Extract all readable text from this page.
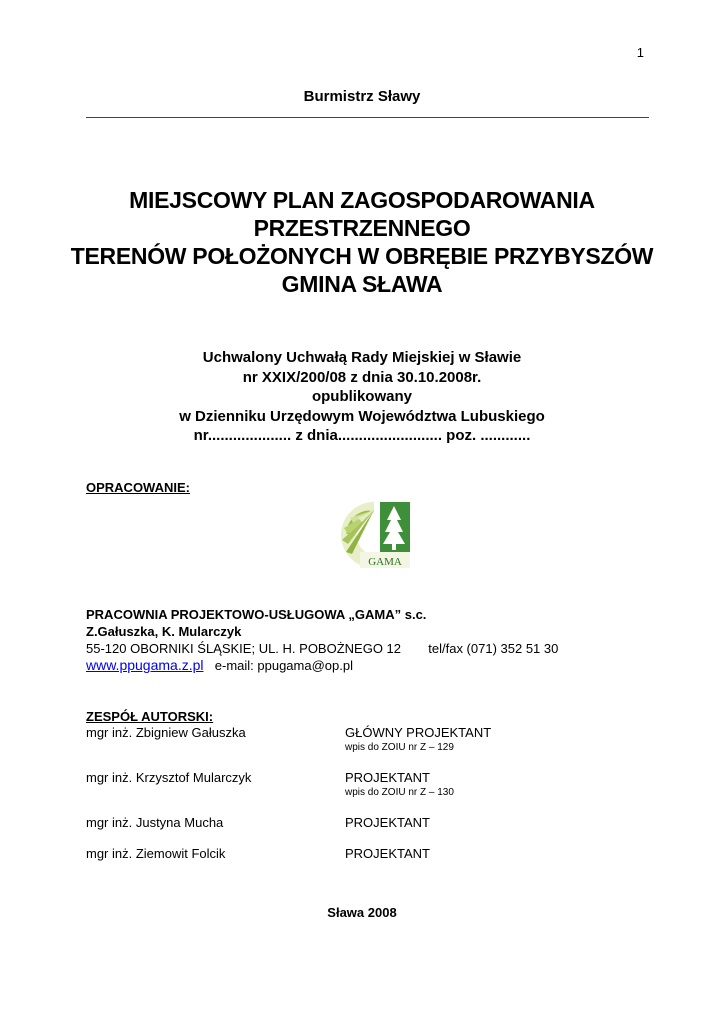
1
Burmistrz Sławy
MIEJSCOWY PLAN ZAGOSPODAROWANIA
PRZESTRZENNEGO
TERENÓW POŁOŻONYCH W OBRĘBIE PRZYBYSZÓW
GMINA SŁAWA
Uchwalony Uchwałą Rady Miejskiej w Sławie
nr XXIX/200/08 z dnia 30.10.2008r.
opublikowany
w Dzienniku Urzędowym Województwa Lubuskiego
nr.................... z dnia......................... poz. ............
OPRACOWANIE:
GAMA
PRACOWNIA PROJEKTOWO-USŁUGOWA „GAMA” s.c.
Z.Gałuszka, K. Mularczyk
55-120 OBORNIKI ŚLĄSKIE; UL. H. POBOŻNEGO 12 tel/fax (071) 352 51 30
www.ppugama.z.pl e-mail: ppugama@op.pl
ZESPÓŁ AUTORSKI:
mgr inż. Zbigniew Gałuszka	GŁÓWNY PROJEKTANT
wpis do ZOIU nr Z – 129
mgr inż. Krzysztof Mularczyk	PROJEKTANT
wpis do ZOIU nr Z – 130
mgr inż. Justyna Mucha	PROJEKTANT
mgr inż. Ziemowit Folcik	PROJEKTANT
Sława 2008
